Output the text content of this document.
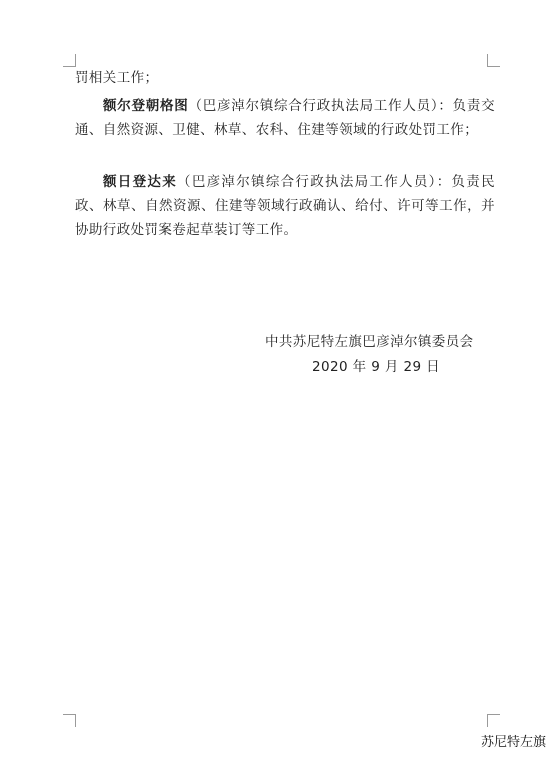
罚相关工作；

额尔登朝格图（巴彦淖尔镇综合行政执法局工作人员）：负责交通、自然资源、卫健、林草、农科、住建等领域的行政处罚工作；

额日登达来（巴彦淖尔镇综合行政执法局工作人员）：负责民政、林草、自然资源、住建等领域行政确认、给付、许可等工作，并协助行政处罚案卷起草装订等工作。

中共苏尼特左旗巴彦淖尔镇委员会
2020 年 9 月 29 日
苏尼特左旗
